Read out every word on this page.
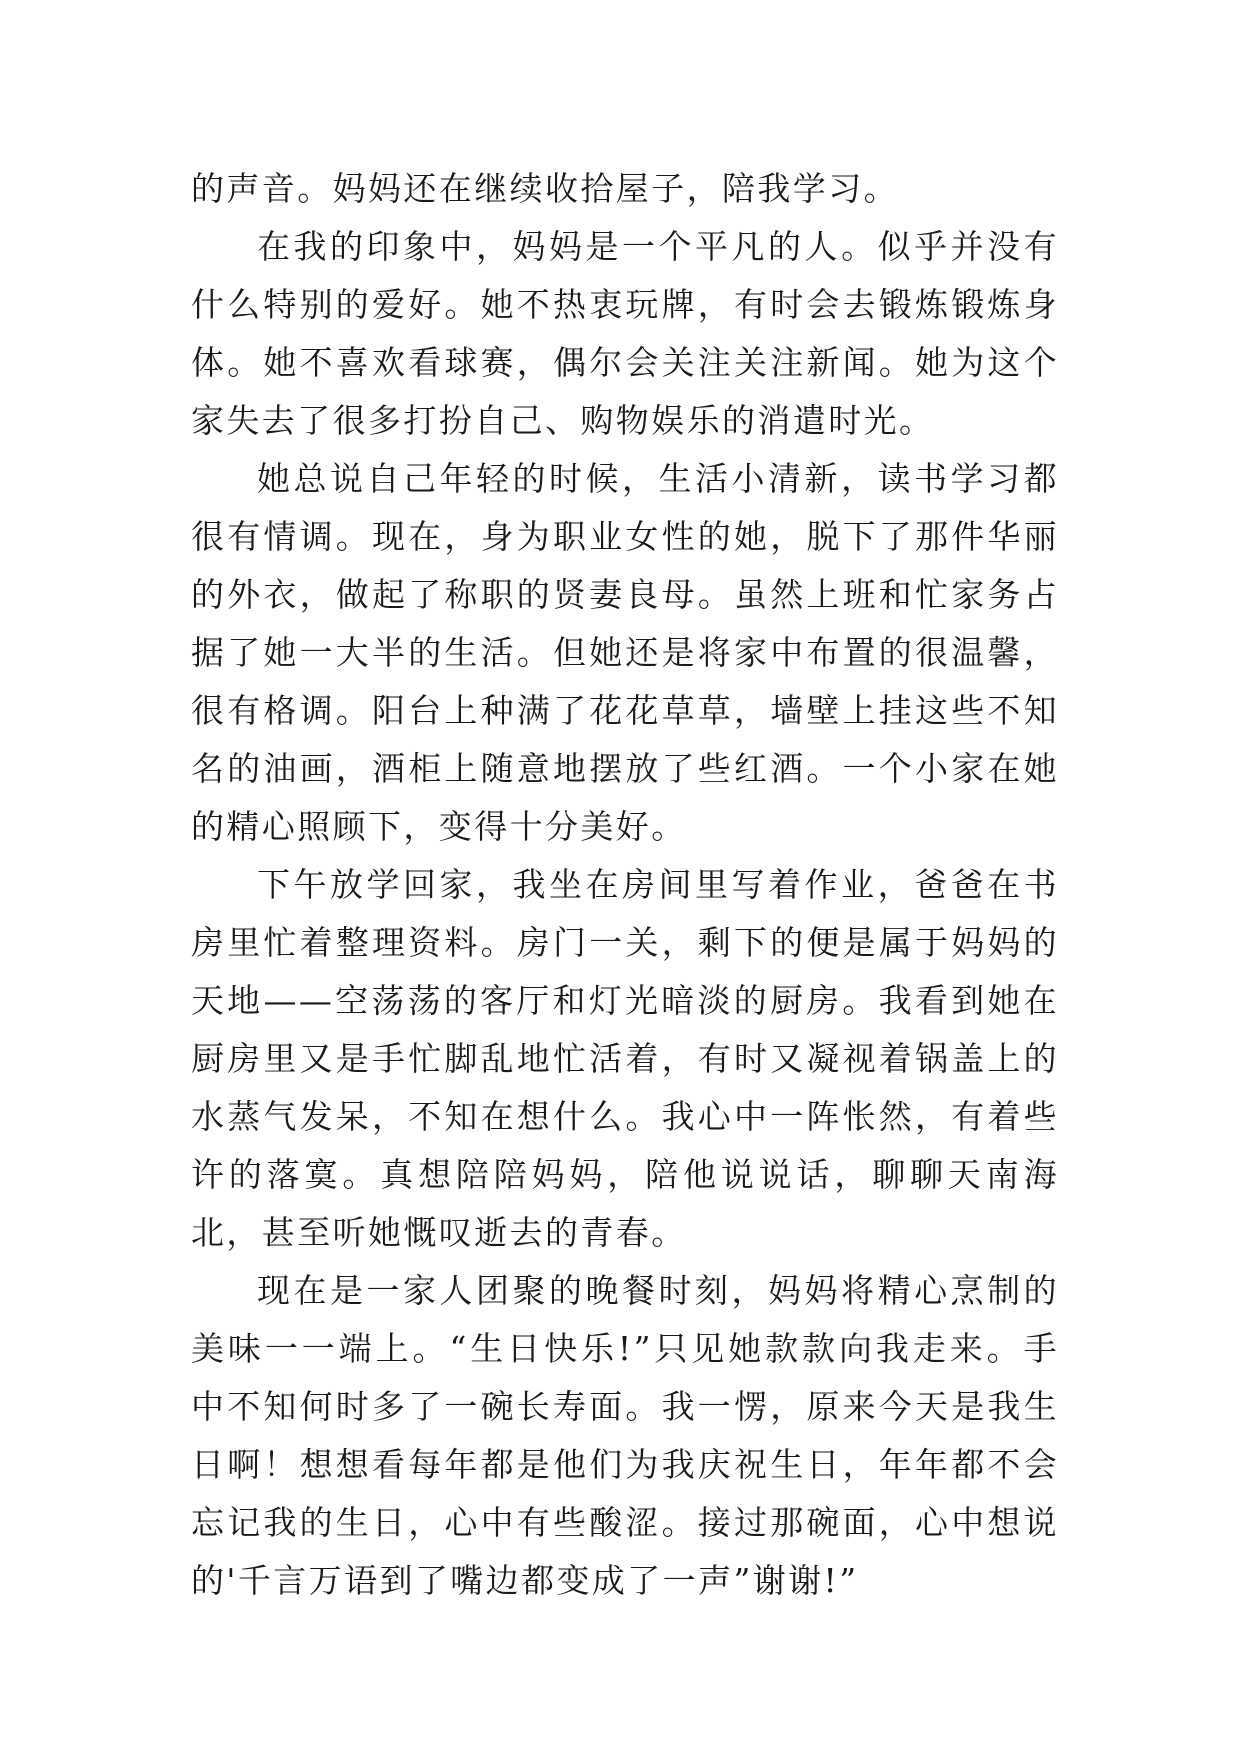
的声音。妈妈还在继续收拾屋子，陪我学习。

在我的印象中，妈妈是一个平凡的人。似乎并没有什么特别的爱好。她不热衷玩牌，有时会去锻炼锻炼身体。她不喜欢看球赛，偶尔会关注关注新闻。她为这个家失去了很多打扮自己、购物娱乐的消遣时光。

她总说自己年轻的时候，生活小清新，读书学习都很有情调。现在，身为职业女性的她，脱下了那件华丽的外衣，做起了称职的贤妻良母。虽然上班和忙家务占据了她一大半的生活。但她还是将家中布置的很温馨，很有格调。阳台上种满了花花草草，墙壁上挂这些不知名的油画，酒柜上随意地摆放了些红酒。一个小家在她的精心照顾下，变得十分美好。

下午放学回家，我坐在房间里写着作业，爸爸在书房里忙着整理资料。房门一关，剩下的便是属于妈妈的天地——空荡荡的客厅和灯光暗淡的厨房。我看到她在厨房里又是手忙脚乱地忙活着，有时又凝视着锅盖上的水蒸气发呆，不知在想什么。我心中一阵怅然，有着些许的落寞。真想陪陪妈妈，陪他说说话，聊聊天南海北，甚至听她慨叹逝去的青春。

现在是一家人团聚的晚餐时刻，妈妈将精心烹制的美味一一端上。“生日快乐!”只见她款款向我走来。手中不知何时多了一碗长寿面。我一愣，原来今天是我生日啊！想想看每年都是他们为我庆祝生日，年年都不会忘记我的生日，心中有些酸涩。接过那碗面，心中想说的'千言万语到了嘴边都变成了一声”谢谢!”
